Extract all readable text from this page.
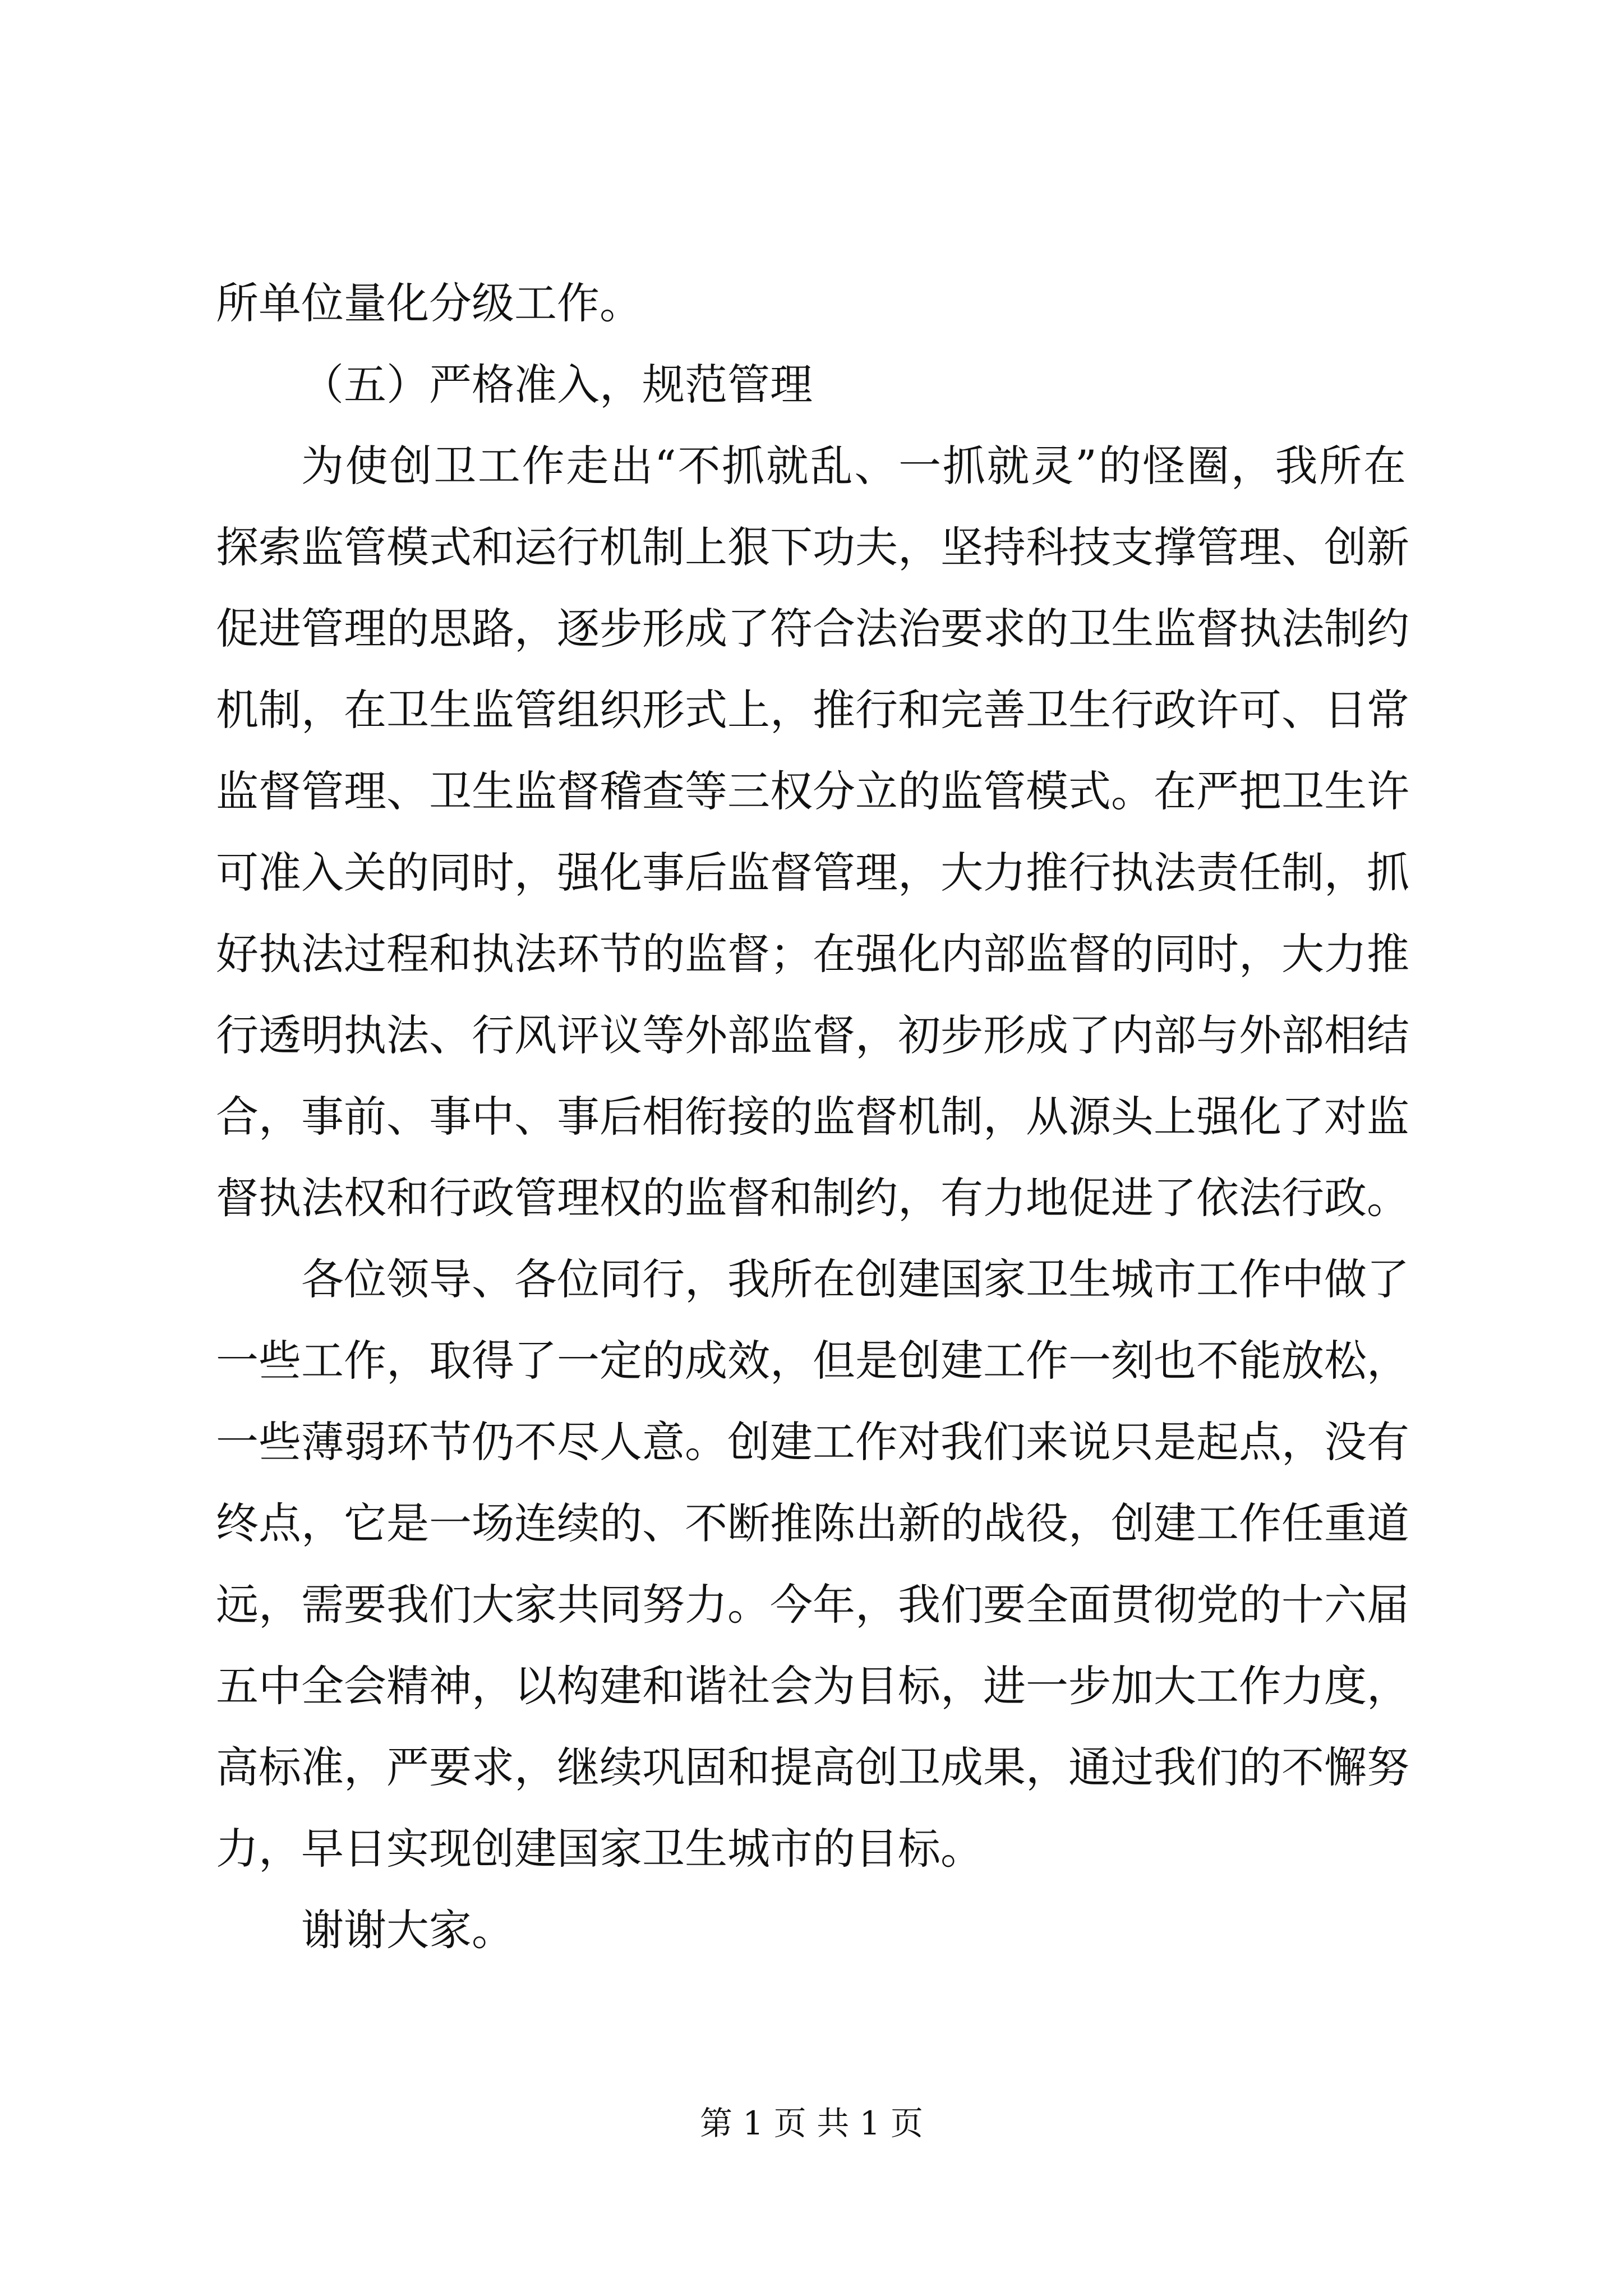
所单位量化分级工作。
（五）严格准入，规范管理
为使创卫工作走出“不抓就乱、一抓就灵”的怪圈，我所在
探索监管模式和运行机制上狠下功夫，坚持科技支撑管理、创新
促进管理的思路，逐步形成了符合法治要求的卫生监督执法制约
机制，在卫生监管组织形式上，推行和完善卫生行政许可、日常
监督管理、卫生监督稽查等三权分立的监管模式。在严把卫生许
可准入关的同时，强化事后监督管理，大力推行执法责任制，抓
好执法过程和执法环节的监督；在强化内部监督的同时，大力推
行透明执法、行风评议等外部监督，初步形成了内部与外部相结
合，事前、事中、事后相衔接的监督机制，从源头上强化了对监
督执法权和行政管理权的监督和制约，有力地促进了依法行政。
各位领导、各位同行，我所在创建国家卫生城市工作中做了
一些工作，取得了一定的成效，但是创建工作一刻也不能放松，
一些薄弱环节仍不尽人意。创建工作对我们来说只是起点，没有
终点，它是一场连续的、不断推陈出新的战役，创建工作任重道
远，需要我们大家共同努力。今年，我们要全面贯彻党的十六届
五中全会精神，以构建和谐社会为目标，进一步加大工作力度，
高标准，严要求，继续巩固和提高创卫成果，通过我们的不懈努
力，早日实现创建国家卫生城市的目标。
谢谢大家。
第 1 页 共 1 页
